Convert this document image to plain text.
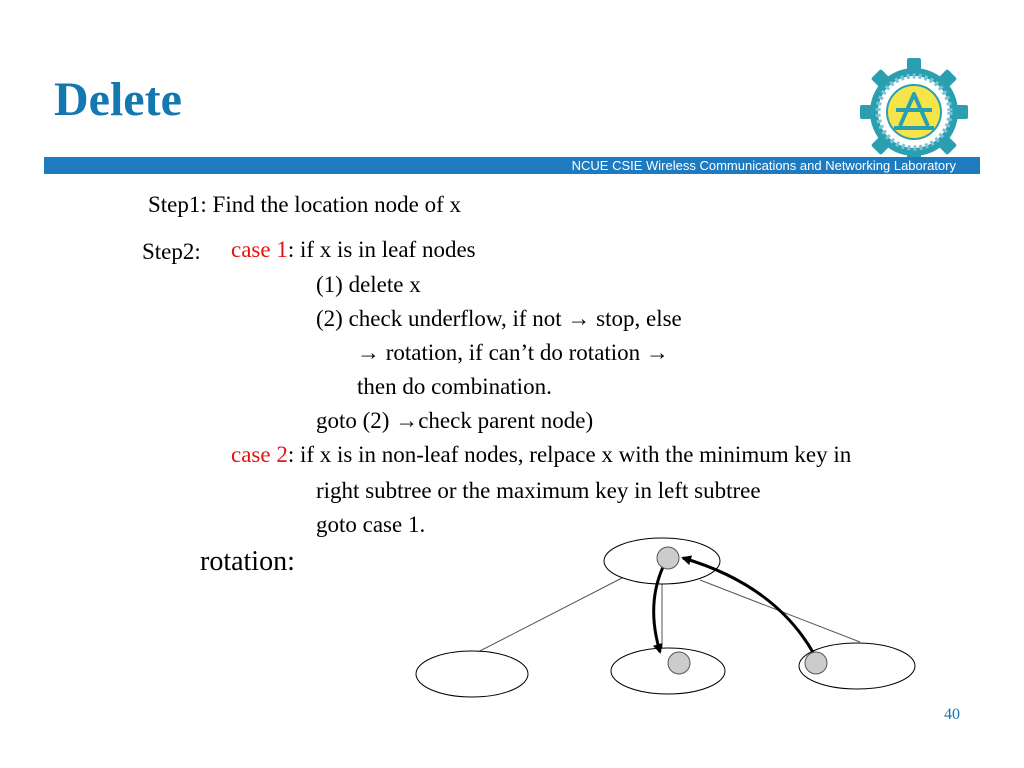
Delete
NCUE CSIE Wireless Communications and Networking Laboratory
Step1: Find the location node of x
Step2: case 1: if x is in leaf nodes
(1) delete x
(2) check underflow, if not → stop, else
→ rotation, if can’t do rotation →
then do combination.
goto (2) →check parent node)
case 2: if x is in non-leaf nodes, relpace x with the minimum key in
right subtree or the maximum key in left subtree
goto case 1.
rotation:
40
